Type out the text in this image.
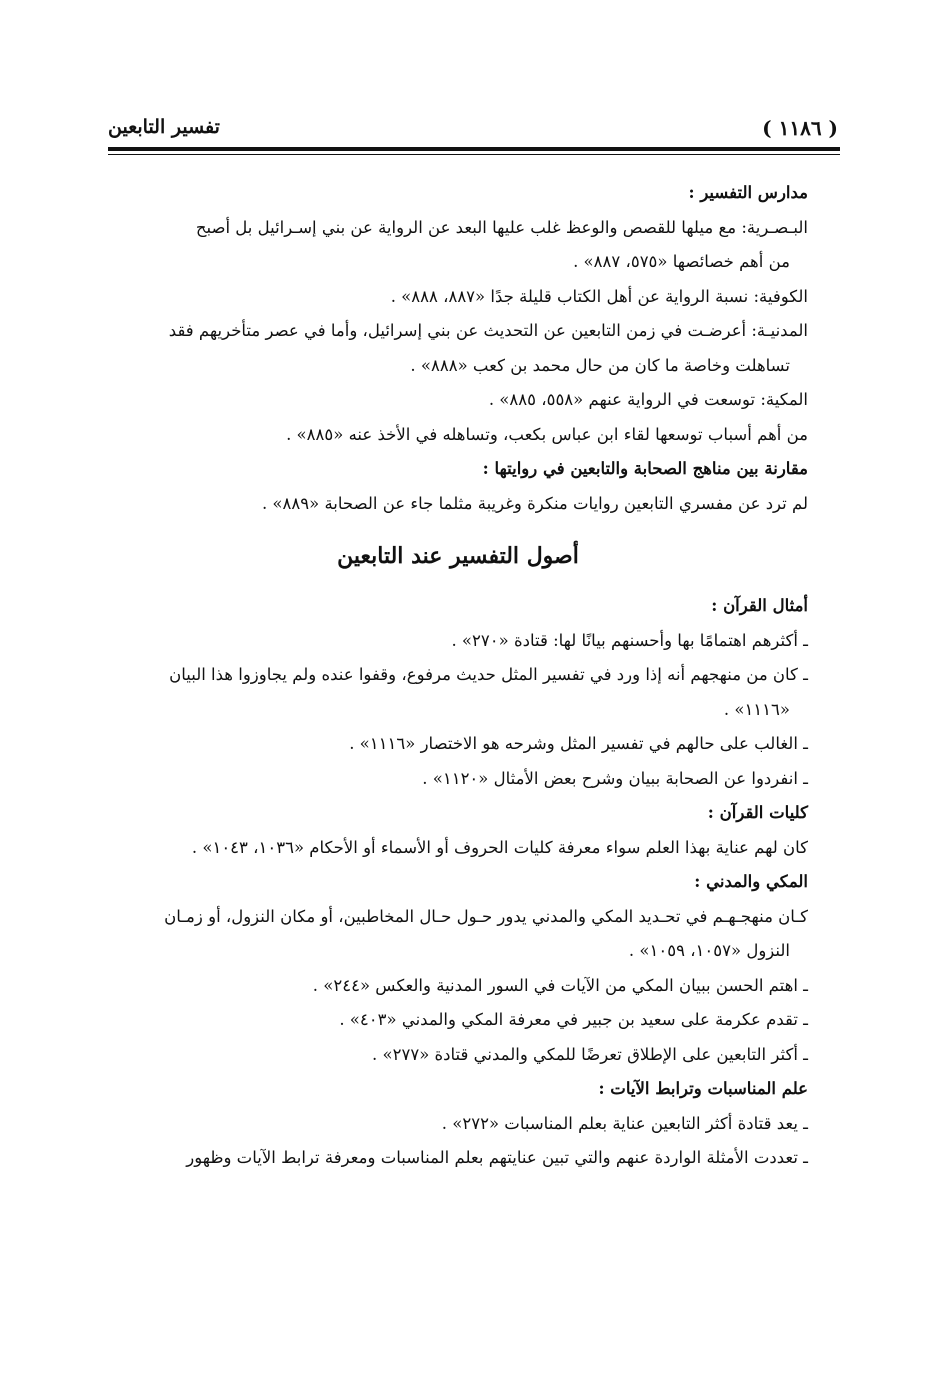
( ١١٨٦ )
تفسير التابعين
مدارس التفسير :
البـصـرية: مع ميلها للقصص والوعظ غلب عليها البعد عن الرواية عن بني إسـرائيل بل أصبح
من أهم خصائصها «٥٧٥، ٨٨٧» .
الكوفية: نسبة الرواية عن أهل الكتاب قليلة جدًا «٨٨٧، ٨٨٨» .
المدنيـة: أعرضـت في زمن التابعين عن التحديث عن بني إسرائيل، وأما في عصر متأخريهم فقد
تساهلت وخاصة ما كان من حال محمد بن كعب «٨٨٨» .
المكية: توسعت في الرواية عنهم «٥٥٨، ٨٨٥» .
من أهم أسباب توسعها لقاء ابن عباس بكعب، وتساهله في الأخذ عنه «٨٨٥» .
مقارنة بين مناهج الصحابة والتابعين في روايتها :
لم ترد عن مفسري التابعين روايات منكرة وغريبة مثلما جاء عن الصحابة «٨٨٩» .
أصول التفسير عند التابعين
أمثال القرآن :
ـ أكثرهم اهتمامًا بها وأحسنهم بيانًا لها: قتادة «٢٧٠» .
ـ كان من منهجهم أنه إذا ورد في تفسير المثل حديث مرفوع، وقفوا عنده ولم يجاوزوا هذا البيان
«١١١٦» .
ـ الغالب على حالهم في تفسير المثل وشرحه هو الاختصار «١١١٦» .
ـ انفردوا عن الصحابة ببيان وشرح بعض الأمثال «١١٢٠» .
كليات القرآن :
كان لهم عناية بهذا العلم سواء معرفة كليات الحروف أو الأسماء أو الأحكام «١٠٣٦، ١٠٤٣» .
المكي والمدني :
كـان منهجـهـم في تحـديد المكي والمدني يدور حـول حـال المخاطبين، أو مكان النزول، أو زمـان
النزول «١٠٥٧، ١٠٥٩» .
ـ اهتم الحسن ببيان المكي من الآيات في السور المدنية والعكس «٢٤٤» .
ـ تقدم عكرمة على سعيد بن جبير في معرفة المكي والمدني «٤٠٣» .
ـ أكثر التابعين على الإطلاق تعرضًا للمكي والمدني قتادة «٢٧٧» .
علم المناسبات وترابط الآيات :
ـ يعد قتادة أكثر التابعين عناية بعلم المناسبات «٢٧٢» .
ـ تعددت الأمثلة الواردة عنهم والتي تبين عنايتهم بعلم المناسبات ومعرفة ترابط الآيات وظهور
